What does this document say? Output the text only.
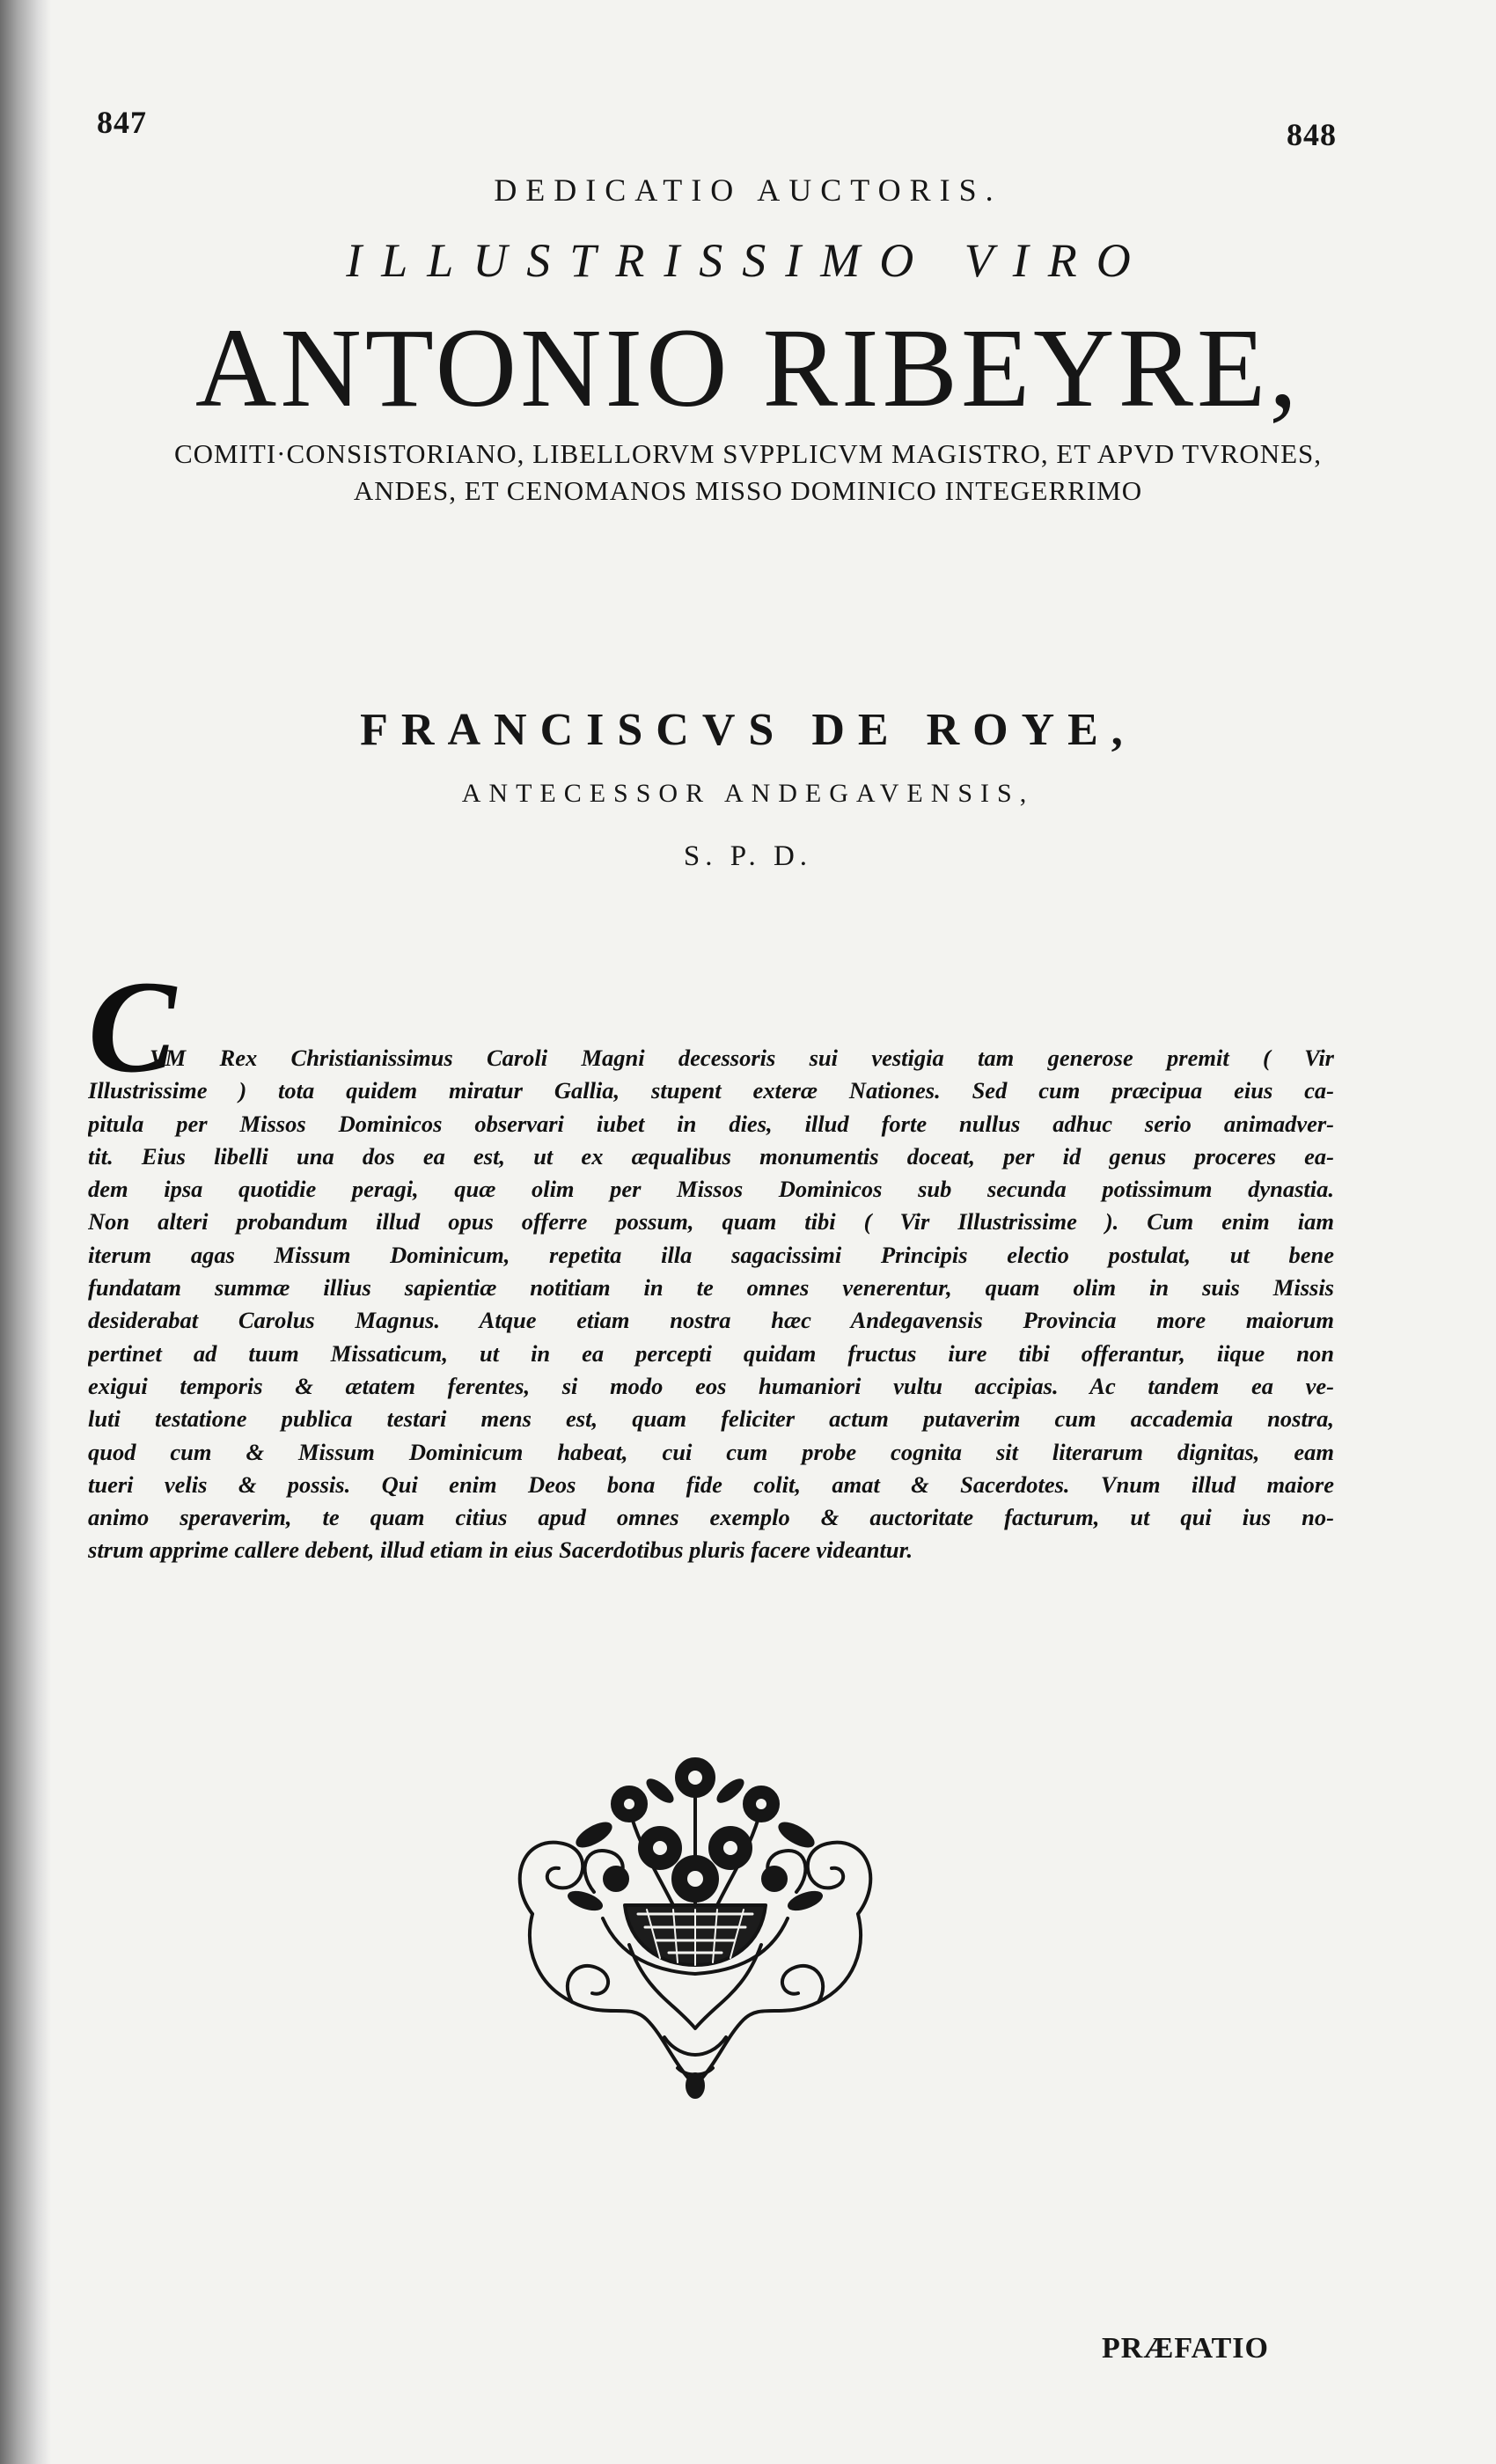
847	848
DEDICATIO AUCTORIS.
ILLUSTRISSIMO VIRO
ANTONIO RIBEYRE,
COMITI·CONSISTORIANO, LIBELLORVM SVPPLICVM MAGISTRO, ET APVD TVRONES,
ANDES, ET CENOMANOS MISSO DOMINICO INTEGERRIMO
FRANCISCVS DE ROYE,
ANTECESSOR ANDEGAVENSIS,
S. P. D.
C
VM Rex Christianissimus Caroli Magni decessoris sui vestigia tam generose premit ( Vir
Illustrissime ) tota quidem miratur Gallia, stupent exteræ Nationes. Sed cum præcipua eius ca-
pitula per Missos Dominicos observari iubet in dies, illud forte nullus adhuc serio animadver-
tit. Eius libelli una dos ea est, ut ex æqualibus monumentis doceat, per id genus proceres ea-
dem ipsa quotidie peragi, quæ olim per Missos Dominicos sub secunda potissimum dynastia.
Non alteri probandum illud opus offerre possum, quam tibi ( Vir Illustrissime ). Cum enim iam
iterum agas Missum Dominicum, repetita illa sagacissimi Principis electio postulat, ut bene
fundatam summæ illius sapientiæ notitiam in te omnes venerentur, quam olim in suis Missis
desiderabat Carolus Magnus. Atque etiam nostra hæc Andegavensis Provincia more maiorum
pertinet ad tuum Missaticum, ut in ea percepti quidam fructus iure tibi offerantur, iique non
exigui temporis & ætatem ferentes, si modo eos humaniori vultu accipias. Ac tandem ea ve-
luti testatione publica testari mens est, quam feliciter actum putaverim cum accademia nostra,
quod cum & Missum Dominicum habeat, cui cum probe cognita sit literarum dignitas, eam
tueri velis & possis. Qui enim Deos bona fide colit, amat & Sacerdotes. Vnum illud maiore
animo speraverim, te quam citius apud omnes exemplo & auctoritate facturum, ut qui ius no-
strum apprime callere debent, illud etiam in eius Sacerdotibus pluris facere videantur.
PRÆFATIO
